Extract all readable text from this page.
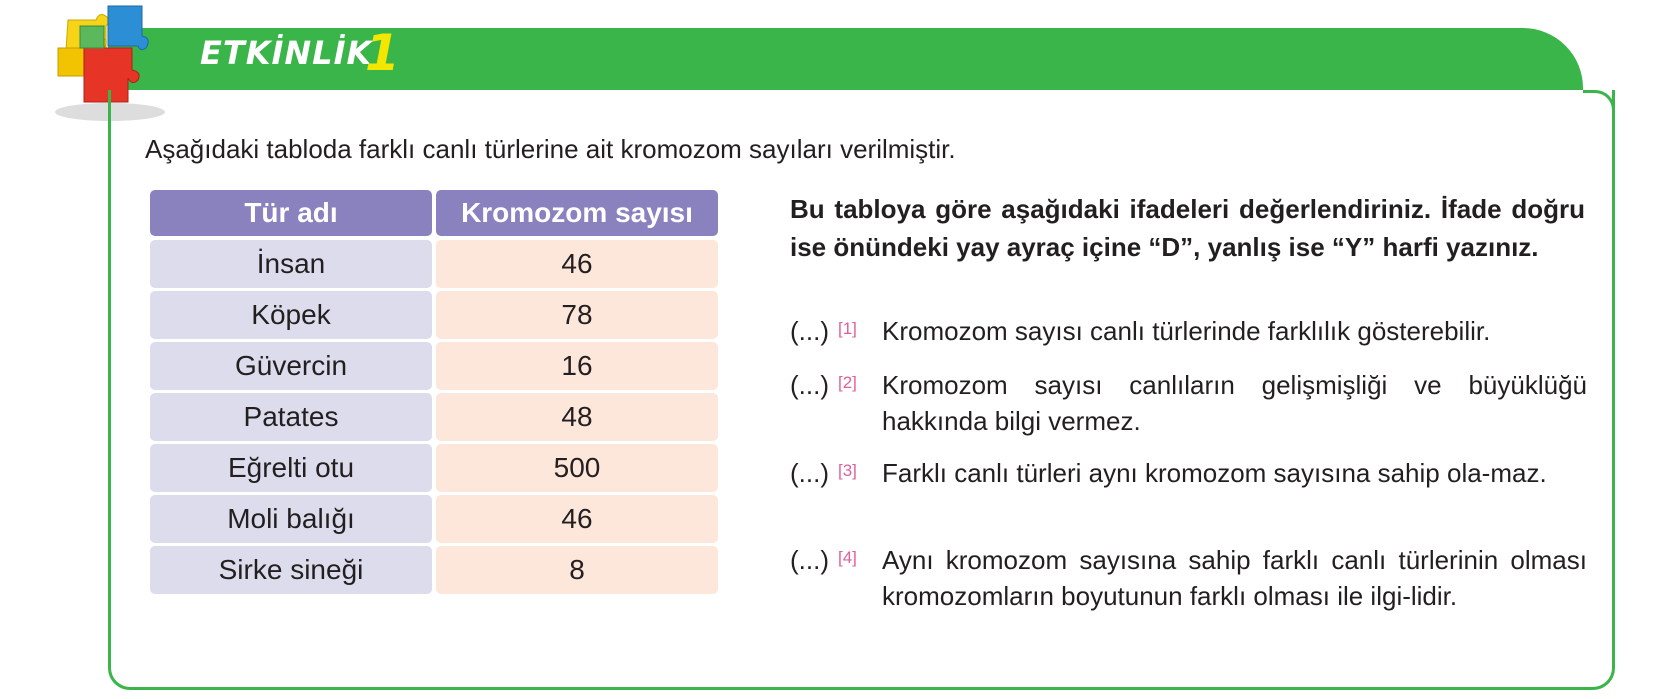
ETKİNLİK
1
Aşağıdaki tabloda farklı canlı türlerine ait kromozom sayıları verilmiştir.
Tür adı	Kromozom sayısı
İnsan	46
Köpek	78
Güvercin	16
Patates	48
Eğrelti otu	500
Moli balığı	46
Sirke sineği	8
Bu tabloya göre aşağıdaki ifadeleri değerlendiriniz. İfade doğru ise önündeki yay ayraç içine “D”, yanlış ise “Y” harfi yazınız.
(...) [1] Kromozom sayısı canlı türlerinde farklılık gösterebilir.
(...) [2] Kromozom sayısı canlıların gelişmişliği ve büyüklüğü hakkında bilgi vermez.
(...) [3] Farklı canlı türleri aynı kromozom sayısına sahip ola-maz.
(...) [4] Aynı kromozom sayısına sahip farklı canlı türlerinin olması kromozomların boyutunun farklı olması ile ilgi-lidir.
